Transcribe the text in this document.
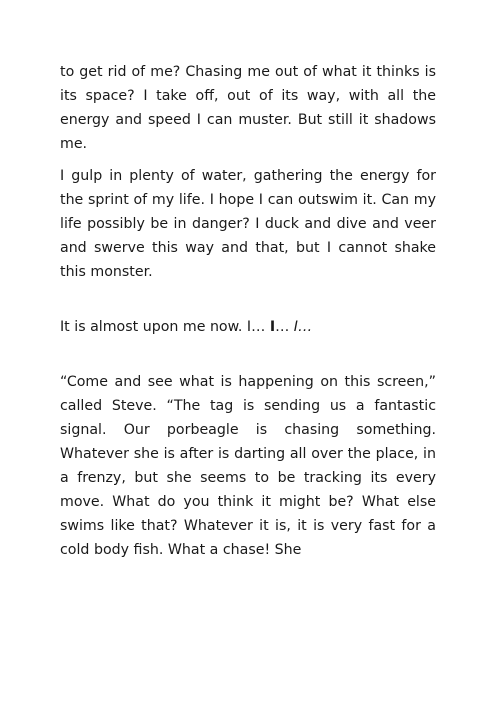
to get rid of me? Chasing me out of what it thinks is its space? I take off, out of its way, with all the energy and speed I can muster. But still it shadows me.

I gulp in plenty of water, gathering the energy for the sprint of my life. I hope I can outswim it. Can my life possibly be in danger? I duck and dive and veer and swerve this way and that, but I cannot shake this monster.

It is almost upon me now. I… I… I…

“Come and see what is happening on this screen,” called Steve. “The tag is sending us a fantastic signal. Our porbeagle is chasing something. Whatever she is after is darting all over the place, in a frenzy, but she seems to be tracking its every move. What do you think it might be? What else swims like that? Whatever it is, it is very fast for a cold body fish. What a chase! She
